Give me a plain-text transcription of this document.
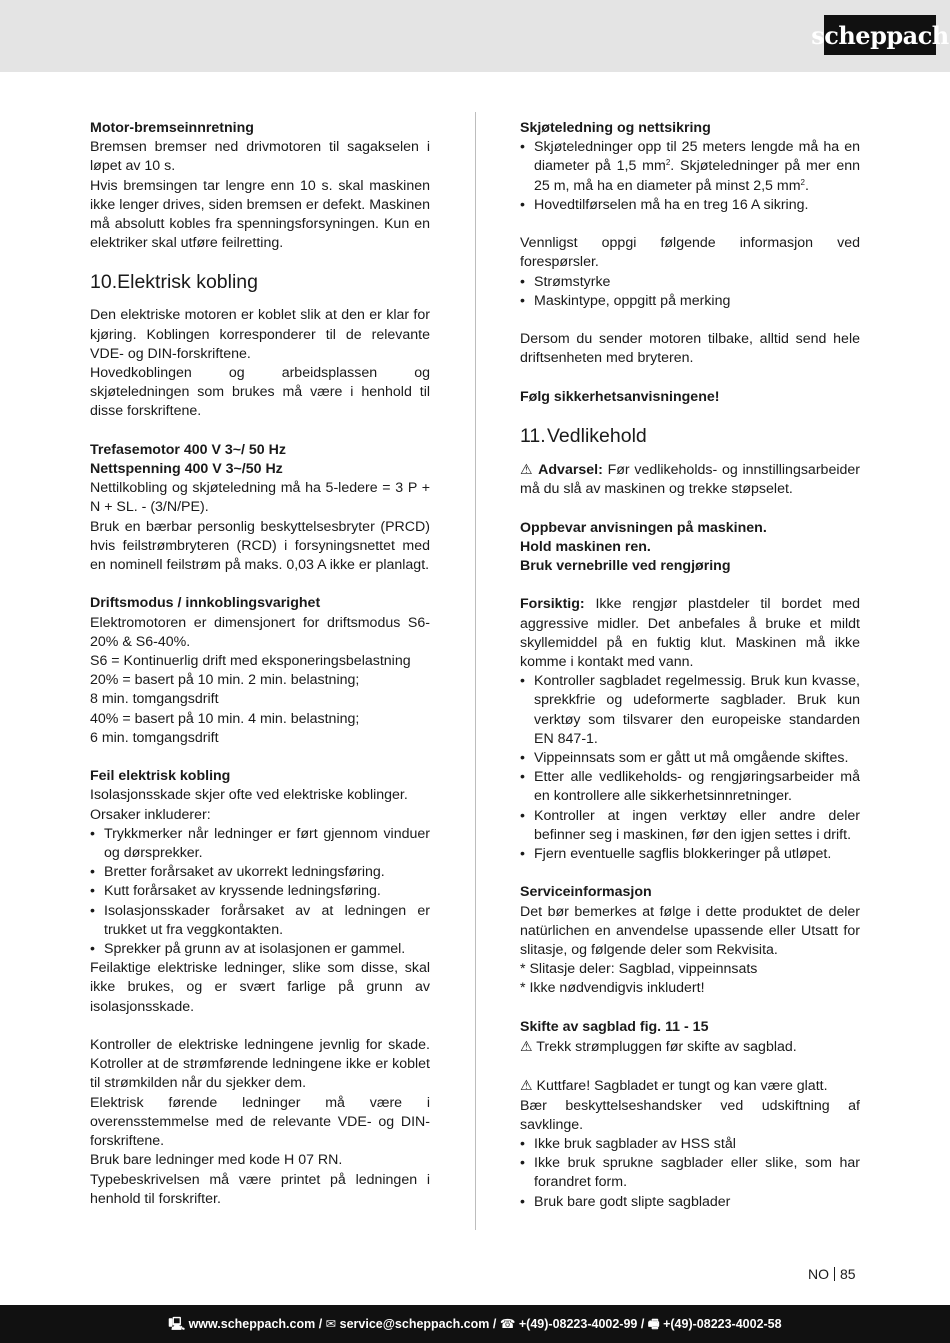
scheppach

Motor-bremseinnretning

Bremsen bremser ned drivmotoren til sagakselen i løpet av 10 s.

Hvis bremsingen tar lengre enn 10 s. skal maskinen ikke lenger drives, siden bremsen er defekt. Maskinen må absolutt kobles fra spenningsforsyningen. Kun en elektriker skal utføre feilretting.

10.Elektrisk kobling

Den elektriske motoren er koblet slik at den er klar for kjøring. Koblingen korresponderer til de relevante VDE- og DIN-forskriftene.

Hovedkoblingen og arbeidsplassen og skjøteledningen som brukes må være i henhold til disse forskriftene.

Trefasemotor 400 V 3~/ 50 Hz

Nettspenning 400 V 3~/50 Hz

Nettilkobling og skjøteledning må ha 5-ledere = 3 P + N + SL. - (3/N/PE).

Bruk en bærbar personlig beskyttelsesbryter (PRCD) hvis feilstrømbryteren (RCD) i forsyningsnettet med en nominell feilstrøm på maks. 0,03 A ikke er planlagt.

Driftsmodus / innkoblingsvarighet

Elektromotoren er dimensjonert for driftsmodus S6-20% & S6-40%.

S6 = Kontinuerlig drift med eksponeringsbelastning

20% = basert på 10 min. 2 min. belastning;

8 min. tomgangsdrift

40% = basert på 10 min. 4 min. belastning;

6 min. tomgangsdrift

Feil elektrisk kobling

Isolasjonsskade skjer ofte ved elektriske koblinger.

Orsaker inkluderer:

• Trykkmerker når ledninger er ført gjennom vinduer og dørsprekker.
• Bretter forårsaket av ukorrekt ledningsføring.
• Kutt forårsaket av kryssende ledningsføring.
• Isolasjonsskader forårsaket av at ledningen er trukket ut fra veggkontakten.
• Sprekker på grunn av at isolasjonen er gammel.

Feilaktige elektriske ledninger, slike som disse, skal ikke brukes, og er svært farlige på grunn av isolasjonsskade.

Kontroller de elektriske ledningene jevnlig for skade. Kotroller at de strømførende ledningene ikke er koblet til strømkilden når du sjekker dem.

Elektrisk førende ledninger må være i overensstemmelse med de relevante VDE- og DIN-forskriftene.

Bruk bare ledninger med kode H 07 RN.

Typebeskrivelsen må være printet på ledningen i henhold til forskrifter.

Skjøteledning og nettsikring

• Skjøteledninger opp til 25 meters lengde må ha en diameter på 1,5 $mm^2$. Skjøteledninger på mer enn 25 m, må ha en diameter på minst 2,5 $mm^2$.
• Hovedtilførselen må ha en treg 16 A sikring.

Vennligst oppgi følgende informasjon ved forespørsler.

• Strømstyrke
• Maskintype, oppgitt på merking

Dersom du sender motoren tilbake, alltid send hele driftsenheten med bryteren.

Følg sikkerhetsanvisningene!

11.Vedlikehold

⚠ Advarsel: Før vedlikeholds- og innstillingsarbeider må du slå av maskinen og trekke støpselet.

Oppbevar anvisningen på maskinen.

Hold maskinen ren.

Bruk vernebrille ved rengjøring

Forsiktig: Ikke rengjør plastdeler til bordet med aggressive midler. Det anbefales å bruke et mildt skyllemiddel på en fuktig klut. Maskinen må ikke komme i kontakt med vann.

• Kontroller sagbladet regelmessig. Bruk kun kvasse, sprekkfrie og udeformerte sagblader. Bruk kun verktøy som tilsvarer den europeiske standarden EN 847-1.
• Vippeinnsats som er gått ut må omgående skiftes.
• Etter alle vedlikeholds- og rengjøringsarbeider må en kontrollere alle sikkerhetsinnretninger.
• Kontroller at ingen verktøy eller andre deler befinner seg i maskinen, før den igjen settes i drift.
• Fjern eventuelle sagflis blokkeringer på utløpet.

Serviceinformasjon

Det bør bemerkes at følge i dette produktet de deler natürlichen en anvendelse upassende eller Utsatt for slitasje, og følgende deler som Rekvisita.

* Slitasje deler: Sagblad, vippeinnsats

* Ikke nødvendigvis inkludert!

Skifte av sagblad fig. 11 - 15

⚠ Trekk strømpluggen før skifte av sagblad.

⚠ Kuttfare! Sagbladet er tungt og kan være glatt.

Bær beskyttelseshandsker ved udskiftning af savklinge.

• Ikke bruk sagblader av HSS stål
• Ikke bruk sprukne sagblader eller slike, som har forandret form.
• Bruk bare godt slipte sagblader
NO 85
🖳 www.scheppach.com / ✉ service@scheppach.com / ☎ +(49)-08223-4002-99 / 🖷 +(49)-08223-4002-58
